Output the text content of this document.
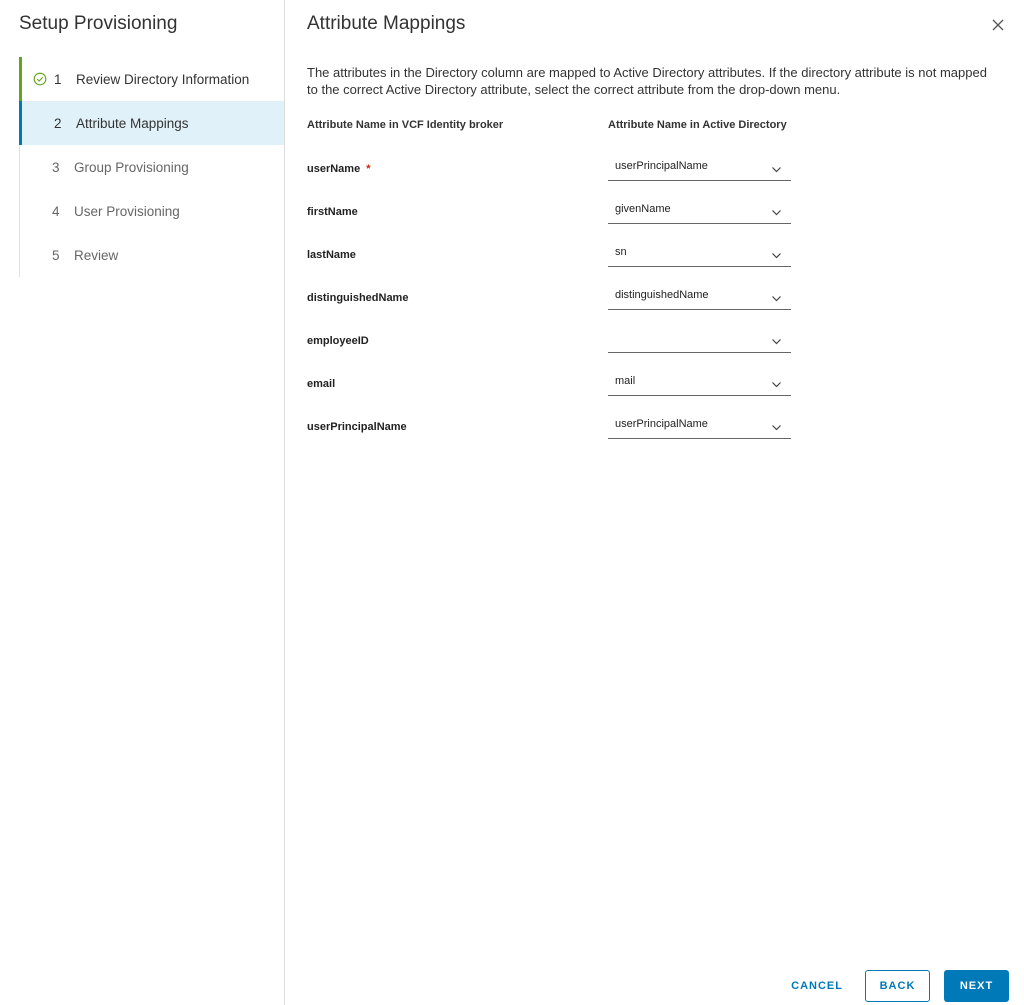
Setup Provisioning
1 Review Directory Information
2 Attribute Mappings
3 Group Provisioning
4 User Provisioning
5 Review
Attribute Mappings
The attributes in the Directory column are mapped to Active Directory attributes. If the directory attribute is not mapped to the correct Active Directory attribute, select the correct attribute from the drop-down menu.
Attribute Name in VCF Identity broker	Attribute Name in Active Directory
userName *	userPrincipalName
firstName	givenName
lastName	sn
distinguishedName	distinguishedName
employeeID
email	mail
userPrincipalName	userPrincipalName
CANCEL	BACK	NEXT
